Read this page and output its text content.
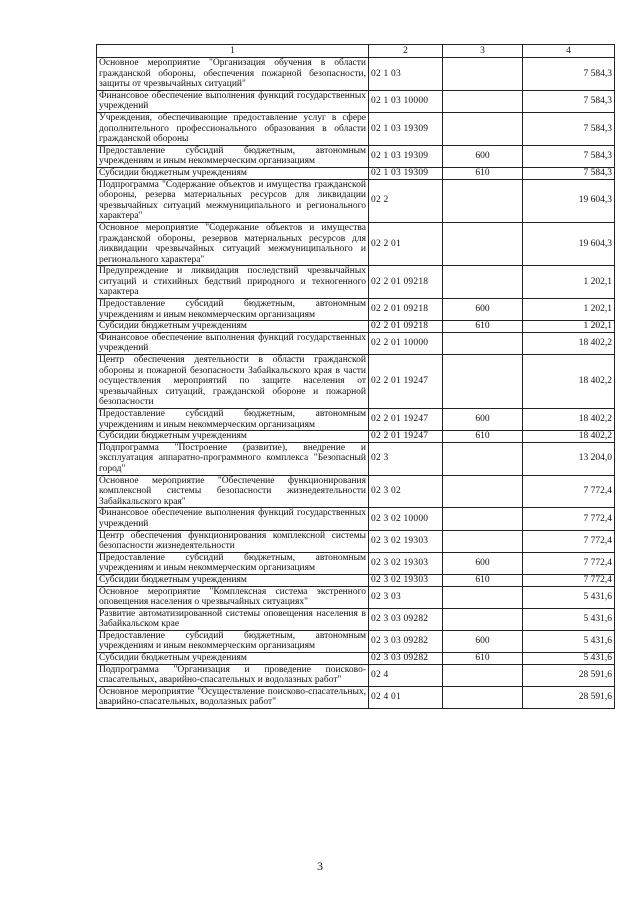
1	2	3	4
Основное мероприятие "Организация обучения в области гражданской обороны, обеспечения пожарной безопасности, защиты от чрезвычайных ситуаций"	02 1 03		7 584,3
Финансовое обеспечение выполнения функций государственных учреждений	02 1 03 10000		7 584,3
Учреждения, обеспечивающие предоставление услуг в сфере дополнительного профессионального образования в области гражданской обороны	02 1 03 19309		7 584,3
Предоставление субсидий бюджетным, автономным учреждениям и иным некоммерческим организациям	02 1 03 19309	600	7 584,3
Субсидии бюджетным учреждениям	02 1 03 19309	610	7 584,3
Подпрограмма "Содержание объектов и имущества гражданской обороны, резерва материальных ресурсов для ликвидации чрезвычайных ситуаций межмуниципального и регионального характера"	02 2		19 604,3
Основное мероприятие "Содержание объектов и имущества гражданской обороны, резервов материальных ресурсов для ликвидации чрезвычайных ситуаций межмуниципального и регионального характера"	02 2 01		19 604,3
Предупреждение и ликвидация последствий чрезвычайных ситуаций и стихийных бедствий природного и техногенного характера	02 2 01 09218		1 202,1
Предоставление субсидий бюджетным, автономным учреждениям и иным некоммерческим организациям	02 2 01 09218	600	1 202,1
Субсидии бюджетным учреждениям	02 2 01 09218	610	1 202,1
Финансовое обеспечение выполнения функций государственных учреждений	02 2 01 10000		18 402,2
Центр обеспечения деятельности в области гражданской обороны и пожарной безопасности Забайкальского края в части осуществления мероприятий по защите населения от чрезвычайных ситуаций, гражданской обороне и пожарной безопасности	02 2 01 19247		18 402,2
Предоставление субсидий бюджетным, автономным учреждениям и иным некоммерческим организациям	02 2 01 19247	600	18 402,2
Субсидии бюджетным учреждениям	02 2 01 19247	610	18 402,2
Подпрограмма "Построение (развитие), внедрение и эксплуатация аппаратно-программного комплекса "Безопасный город"	02 3		13 204,0
Основное мероприятие "Обеспечение функционирования комплексной системы безопасности жизнедеятельности Забайкальского края"	02 3 02		7 772,4
Финансовое обеспечение выполнения функций государственных учреждений	02 3 02 10000		7 772,4
Центр обеспечения функционирования комплексной системы безопасности жизнедеятельности	02 3 02 19303		7 772,4
Предоставление субсидий бюджетным, автономным учреждениям и иным некоммерческим организациям	02 3 02 19303	600	7 772,4
Субсидии бюджетным учреждениям	02 3 02 19303	610	7 772,4
Основное мероприятие "Комплексная система экстренного оповещения населения о чрезвычайных ситуациях"	02 3 03		5 431,6
Развитие автоматизированной системы оповещения населения в Забайкальском крае	02 3 03 09282		5 431,6
Предоставление субсидий бюджетным, автономным учреждениям и иным некоммерческим организациям	02 3 03 09282	600	5 431,6
Субсидии бюджетным учреждениям	02 3 03 09282	610	5 431,6
Подпрограмма "Организация и проведение поисково-спасательных, аварийно-спасательных и водолазных работ"	02 4		28 591,6
Основное мероприятие "Осуществление поисково-спасательных, аварийно-спасательных, водолазных работ"	02 4 01		28 591,6
3
